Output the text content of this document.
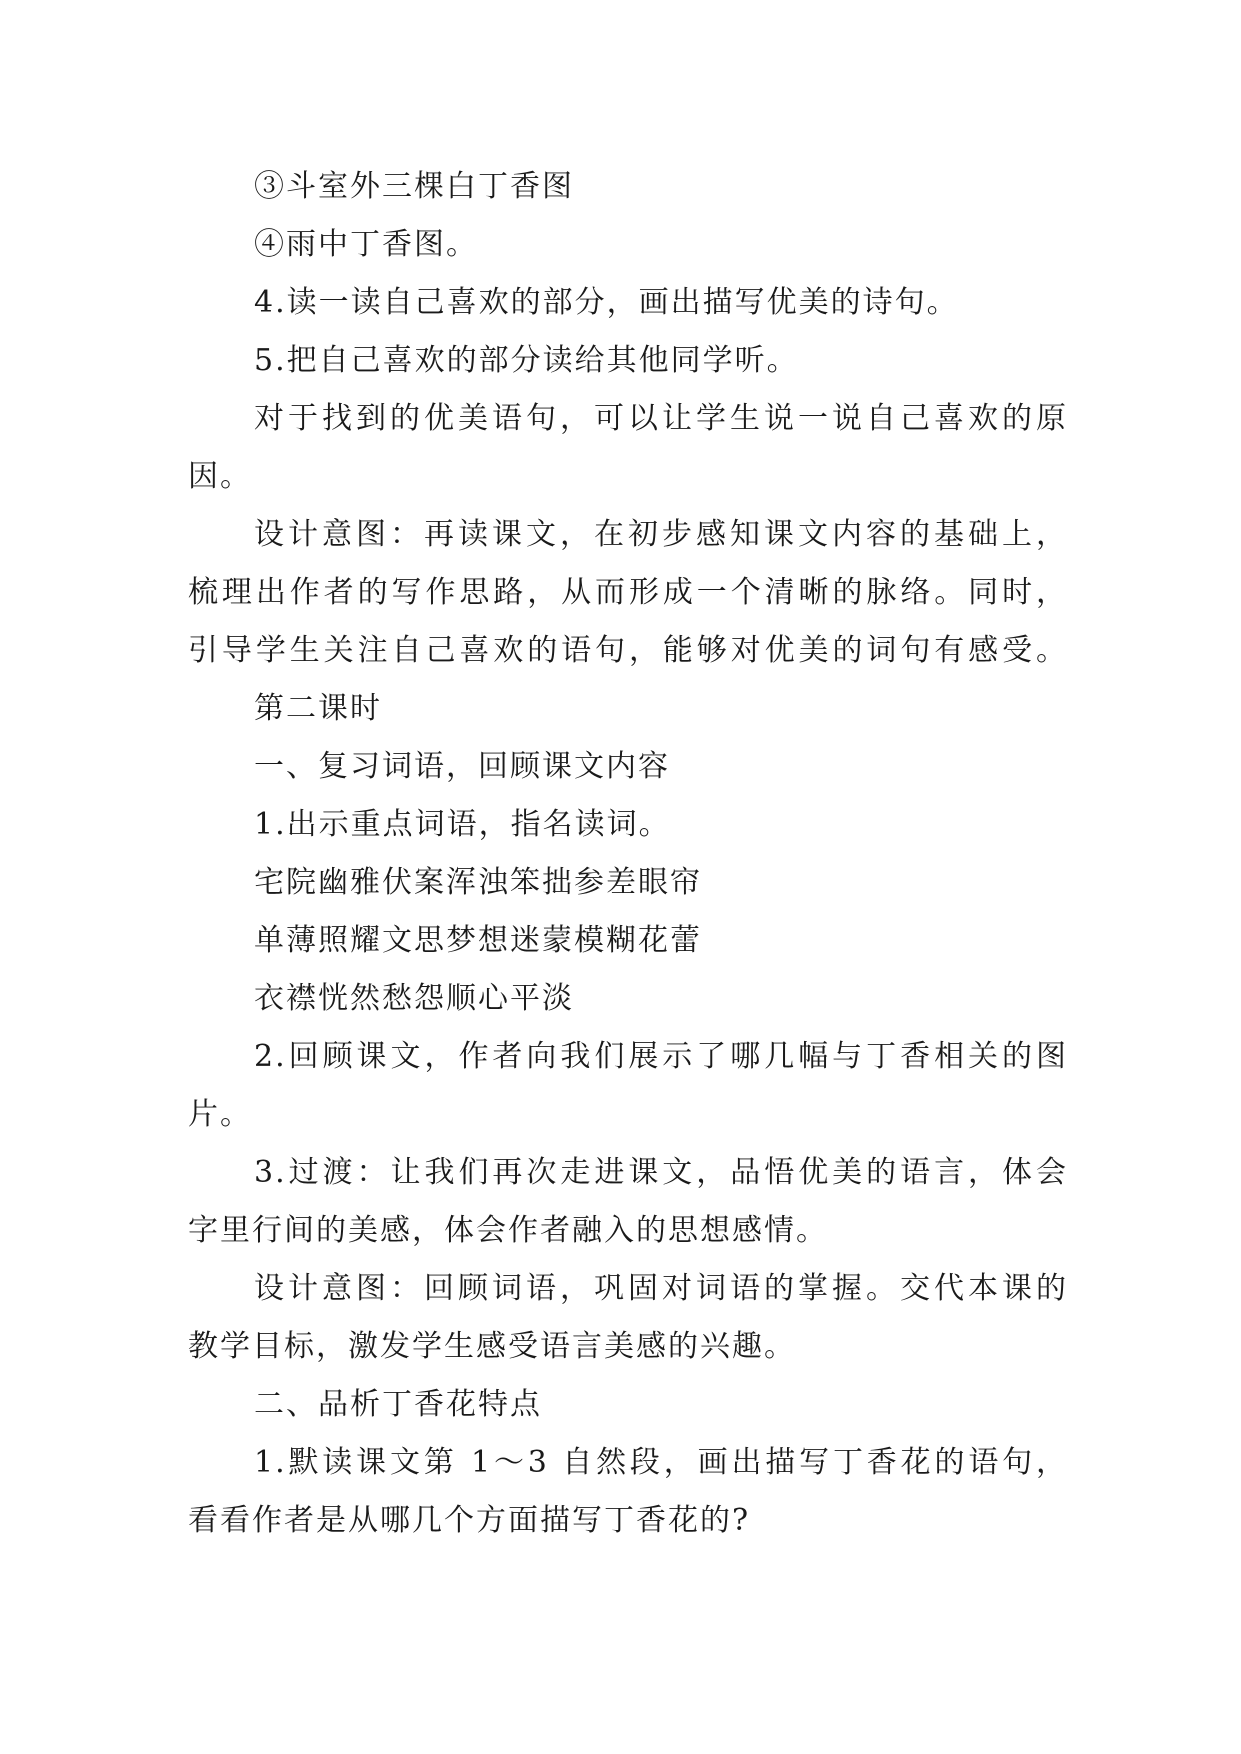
③斗室外三棵白丁香图
④雨中丁香图。
4.读一读自己喜欢的部分，画出描写优美的诗句。
5.把自己喜欢的部分读给其他同学听。
对于找到的优美语句，可以让学生说一说自己喜欢的原
因。
设计意图：再读课文，在初步感知课文内容的基础上，
梳理出作者的写作思路，从而形成一个清晰的脉络。同时，
引导学生关注自己喜欢的语句，能够对优美的词句有感受。
第二课时
一、复习词语，回顾课文内容
1.出示重点词语，指名读词。
宅院幽雅伏案浑浊笨拙参差眼帘
单薄照耀文思梦想迷蒙模糊花蕾
衣襟恍然愁怨顺心平淡
2.回顾课文，作者向我们展示了哪几幅与丁香相关的图
片。
3.过渡：让我们再次走进课文，品悟优美的语言，体会
字里行间的美感，体会作者融入的思想感情。
设计意图：回顾词语，巩固对词语的掌握。交代本课的
教学目标，激发学生感受语言美感的兴趣。
二、品析丁香花特点
1.默读课文第 1～3 自然段，画出描写丁香花的语句，
看看作者是从哪几个方面描写丁香花的?
